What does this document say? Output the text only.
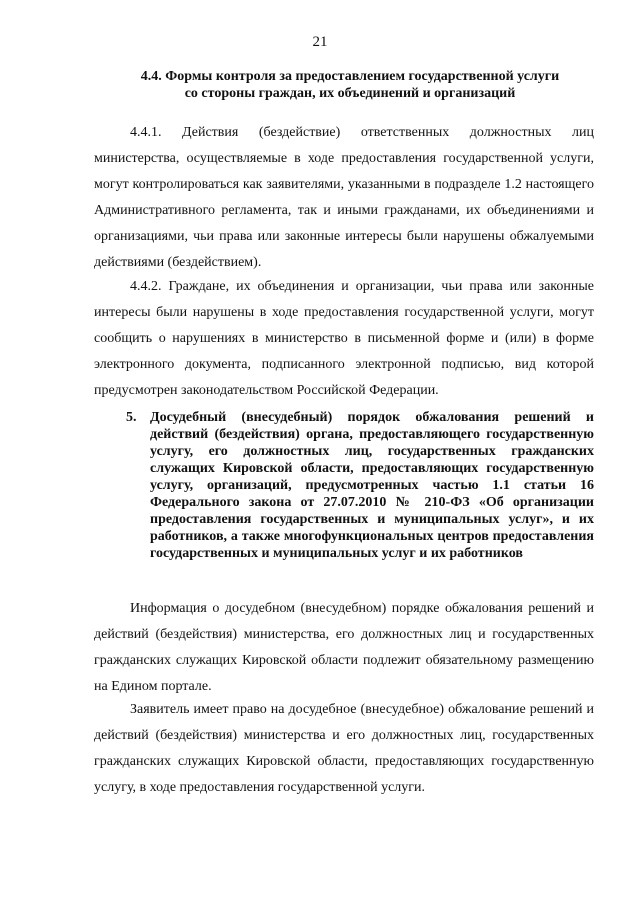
21
4.4. Формы контроля за предоставлением государственной услуги со стороны граждан, их объединений и организаций
4.4.1. Действия (бездействие) ответственных должностных лиц министерства, осуществляемые в ходе предоставления государственной услуги, могут контролироваться как заявителями, указанными в подразделе 1.2 настоящего Административного регламента, так и иными гражданами, их объединениями и организациями, чьи права или законные интересы были нарушены обжалуемыми действиями (бездействием).
4.4.2. Граждане, их объединения и организации, чьи права или законные интересы были нарушены в ходе предоставления государственной услуги, могут сообщить о нарушениях в министерство в письменной форме и (или) в форме электронного документа, подписанного электронной подписью, вид которой предусмотрен законодательством Российской Федерации.
5. Досудебный (внесудебный) порядок обжалования решений и действий (бездействия) органа, предоставляющего государственную услугу, его должностных лиц, государственных гражданских служащих Кировской области, предоставляющих государственную услугу, организаций, предусмотренных частью 1.1 статьи 16 Федерального закона от 27.07.2010 № 210-ФЗ «Об организации предоставления государственных и муниципальных услуг», и их работников, а также многофункциональных центров предоставления государственных и муниципальных услуг и их работников
Информация о досудебном (внесудебном) порядке обжалования решений и действий (бездействия) министерства, его должностных лиц и государственных гражданских служащих Кировской области подлежит обязательному размещению на Едином портале.
Заявитель имеет право на досудебное (внесудебное) обжалование решений и действий (бездействия) министерства и его должностных лиц, государственных гражданских служащих Кировской области, предоставляющих государственную услугу, в ходе предоставления государственной услуги.
